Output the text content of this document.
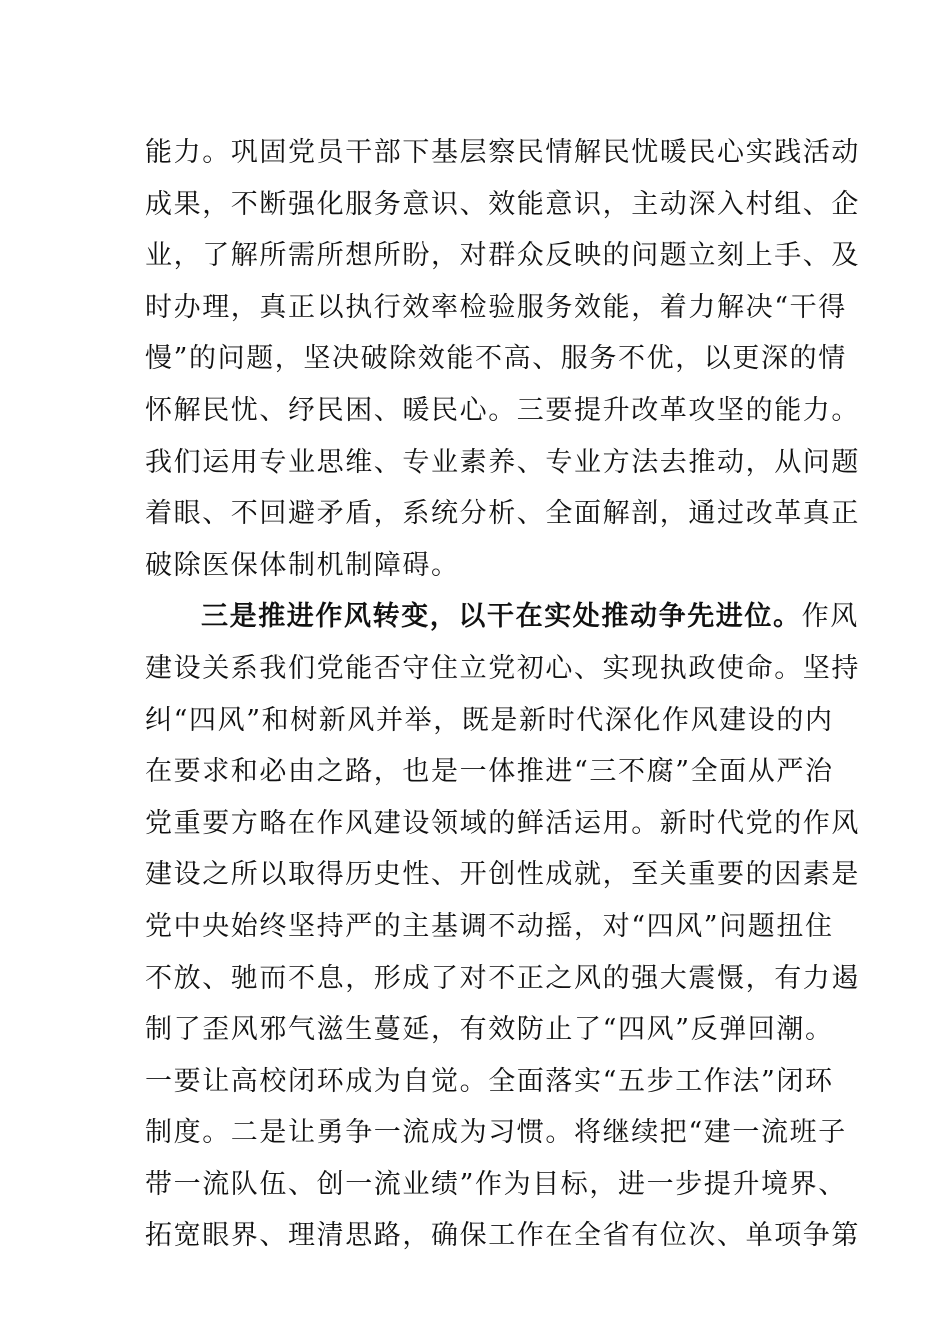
能力。巩固党员干部下基层察民情解民忧暖民心实践活动
成果，不断强化服务意识、效能意识，主动深入村组、企
业，了解所需所想所盼，对群众反映的问题立刻上手、及
时办理，真正以执行效率检验服务效能，着力解决“干得
慢”的问题，坚决破除效能不高、服务不优，以更深的情
怀解民忧、纾民困、暖民心。三要提升改革攻坚的能力。
我们运用专业思维、专业素养、专业方法去推动，从问题
着眼、不回避矛盾，系统分析、全面解剖，通过改革真正
破除医保体制机制障碍。
三是推进作风转变，以干在实处推动争先进位。作风
建设关系我们党能否守住立党初心、实现执政使命。坚持
纠“四风”和树新风并举，既是新时代深化作风建设的内
在要求和必由之路，也是一体推进“三不腐”全面从严治
党重要方略在作风建设领域的鲜活运用。新时代党的作风
建设之所以取得历史性、开创性成就，至关重要的因素是
党中央始终坚持严的主基调不动摇，对“四风”问题扭住
不放、驰而不息，形成了对不正之风的强大震慑，有力遏
制了歪风邪气滋生蔓延，有效防止了“四风”反弹回潮。
一要让高校闭环成为自觉。全面落实“五步工作法”闭环
制度。二是让勇争一流成为习惯。将继续把“建一流班子
带一流队伍、创一流业绩”作为目标，进一步提升境界、
拓宽眼界、理清思路，确保工作在全省有位次、单项争第
